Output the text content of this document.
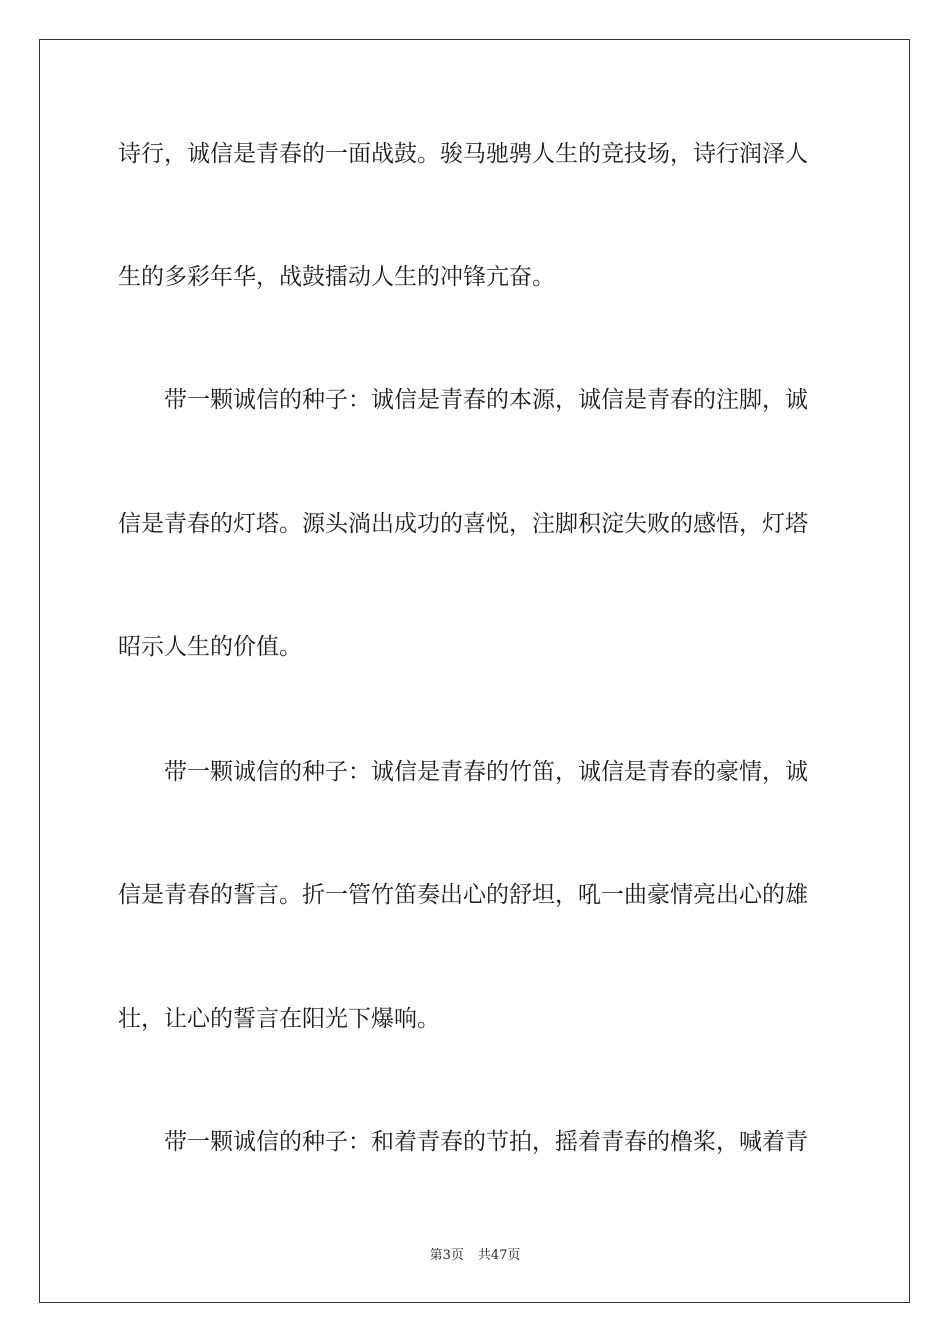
诗行，诚信是青春的一面战鼓。骏马驰骋人生的竞技场，诗行润泽人
生的多彩年华，战鼓擂动人生的冲锋亢奋。
　　带一颗诚信的种子：诚信是青春的本源，诚信是青春的注脚，诚
信是青春的灯塔。源头淌出成功的喜悦，注脚积淀失败的感悟，灯塔
昭示人生的价值。
　　带一颗诚信的种子：诚信是青春的竹笛，诚信是青春的豪情，诚
信是青春的誓言。折一管竹笛奏出心的舒坦，吼一曲豪情亮出心的雄
壮，让心的誓言在阳光下爆响。
　　带一颗诚信的种子：和着青春的节拍，摇着青春的橹桨，喊着青
第3页 共47页
